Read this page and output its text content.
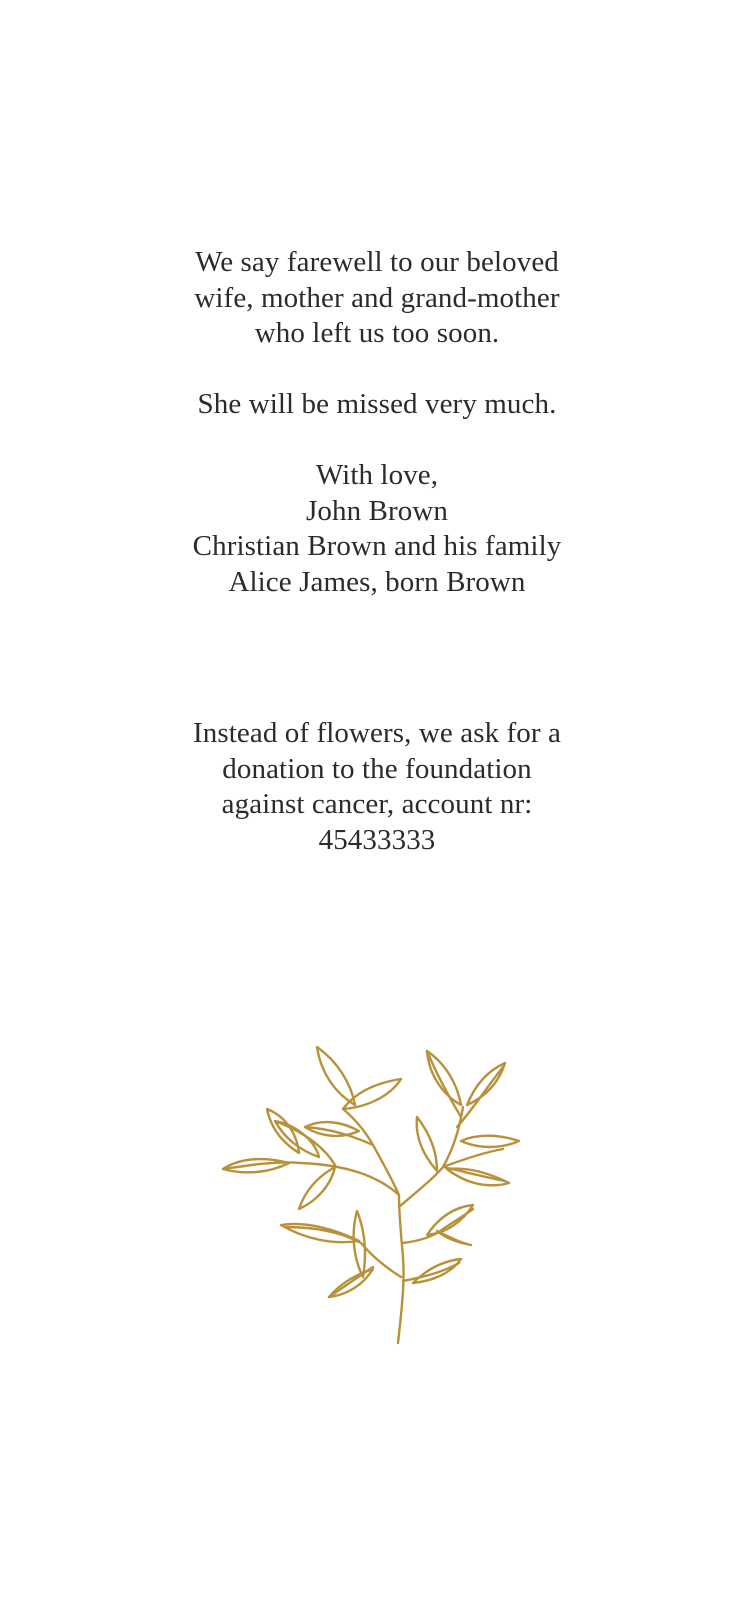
We say farewell to our beloved
wife, mother and grand-mother
who left us too soon.
She will be missed very much.
With love,
John Brown
Christian Brown and his family
Alice James, born Brown
Instead of flowers, we ask for a
donation to the foundation
against cancer, account nr:
45433333
